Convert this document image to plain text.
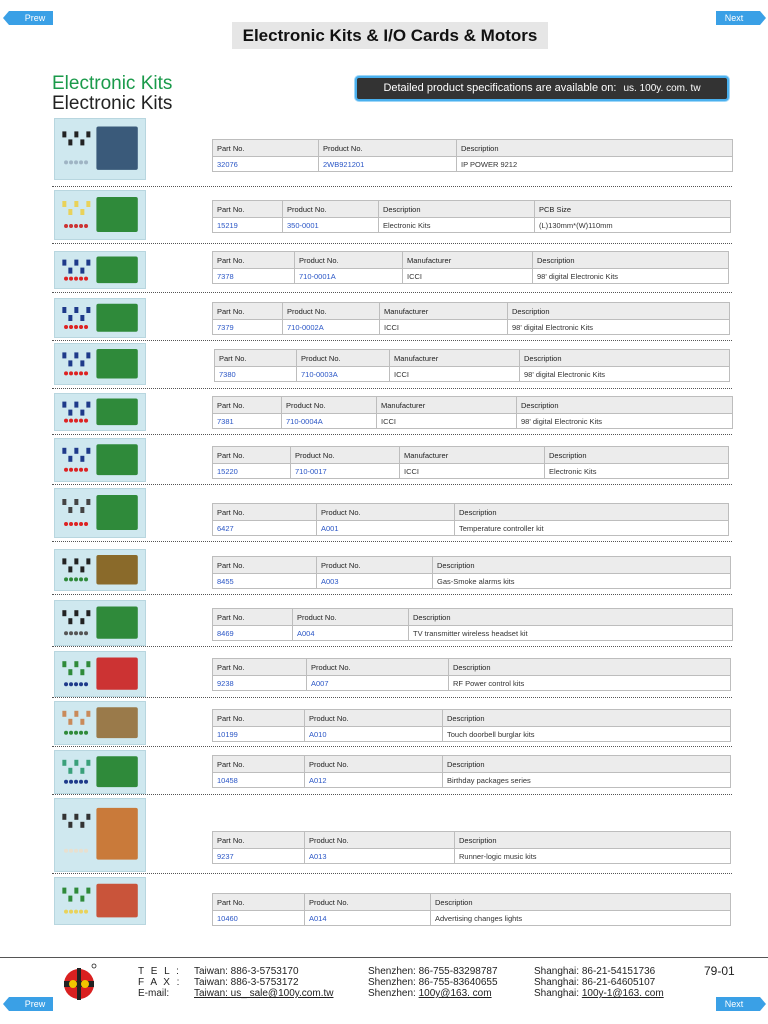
Prew	Next
Electronic Kits & I/O Cards & Motors
Electronic Kits
Electronic Kits
Detailed product specifications are available on: us. 100y. com. tw
Part No.	Product No.	Description
32076	2WB921201	IP POWER 9212
Part No.	Product No.	Description	PCB Size
15219	350-0001	Electronic Kits	(L)130mm*(W)110mm
Part No.	Product No.	Manufacturer	Description
7378	710-0001A	ICCI	98' digital Electronic Kits
Part No.	Product No.	Manufacturer	Description
7379	710-0002A	ICCI	98' digital Electronic Kits
Part No.	Product No.	Manufacturer	Description
7380	710-0003A	ICCI	98' digital Electronic Kits
Part No.	Product No.	Manufacturer	Description
7381	710-0004A	ICCI	98' digital Electronic Kits
Part No.	Product No.	Manufacturer	Description
15220	710-0017	ICCI	Electronic Kits
Part No.	Product No.	Description
6427	A001	Temperature controller kit
Part No.	Product No.	Description
8455	A003	Gas-Smoke alarms kits
Part No.	Product No.	Description
8469	A004	TV transmitter wireless headset kit
Part No.	Product No.	Description
9238	A007	RF Power control kits
Part No.	Product No.	Description
10199	A010	Touch doorbell burglar kits
Part No.	Product No.	Description
10458	A012	Birthday packages series
Part No.	Product No.	Description
9237	A013	Runner-logic music kits
Part No.	Product No.	Description
10460	A014	Advertising changes lights
T E L : Taiwan: 886-3-5753170
F A X : Taiwan: 886-3-5753172
E-mail: Taiwan: us_ sale@100y.com.tw
Shenzhen: 86-755-83298787
Shenzhen: 86-755-83640655
Shenzhen: 100y@163. com
Shanghai: 86-21-54151736
Shanghai: 86-21-64605107
Shanghai: 100y-1@163. com
79-01
Prew	Next
